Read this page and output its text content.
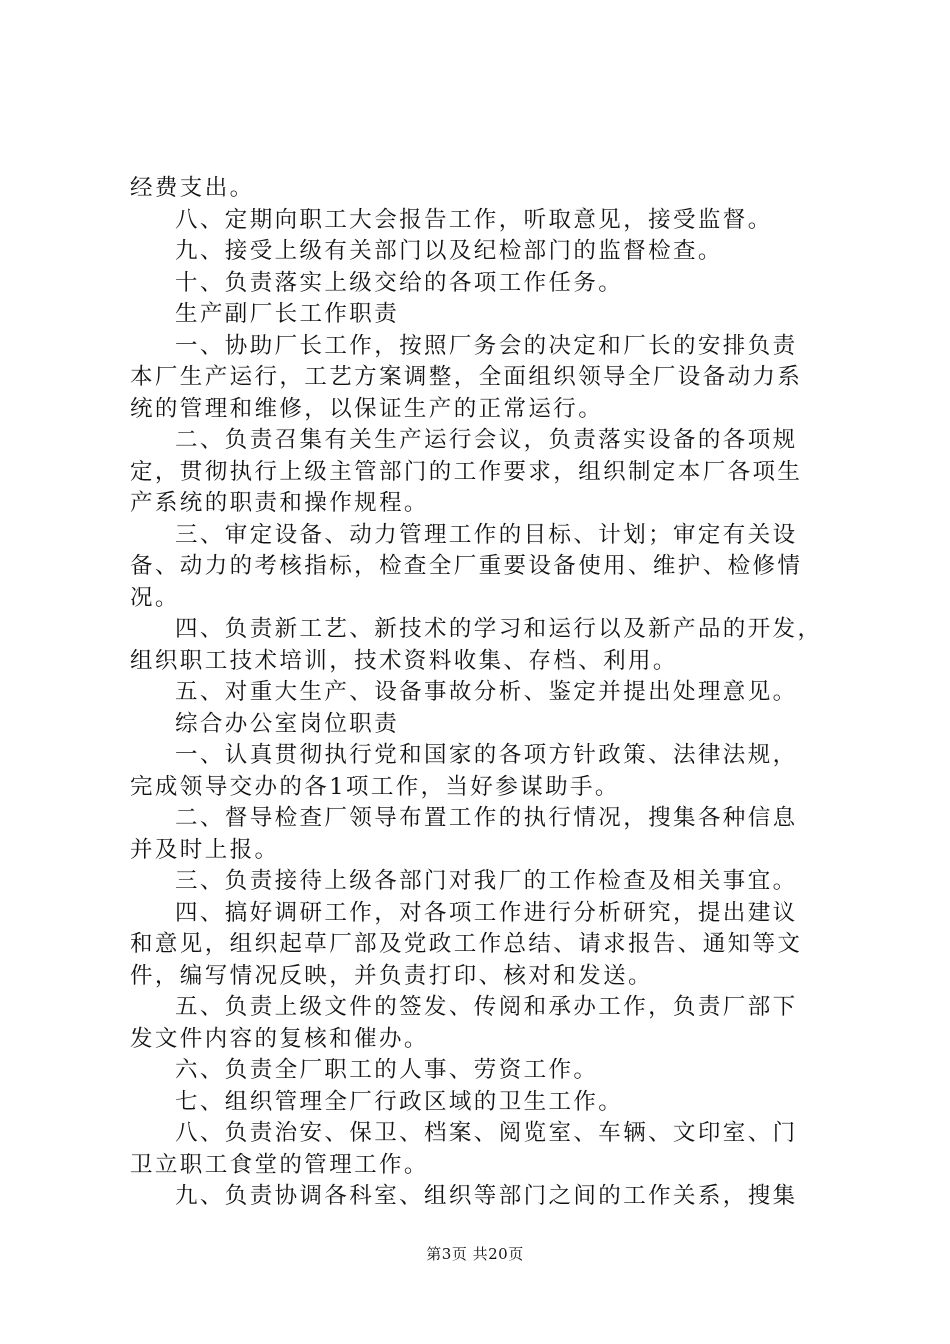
经费支出。
八、定期向职工大会报告工作，听取意见，接受监督。
九、接受上级有关部门以及纪检部门的监督检查。
十、负责落实上级交给的各项工作任务。
生产副厂长工作职责
一、协助厂长工作，按照厂务会的决定和厂长的安排负责
本厂生产运行，工艺方案调整，全面组织领导全厂设备动力系
统的管理和维修，以保证生产的正常运行。
二、负责召集有关生产运行会议，负责落实设备的各项规
定，贯彻执行上级主管部门的工作要求，组织制定本厂各项生
产系统的职责和操作规程。
三、审定设备、动力管理工作的目标、计划；审定有关设
备、动力的考核指标，检查全厂重要设备使用、维护、检修情
况。
四、负责新工艺、新技术的学习和运行以及新产品的开发，
组织职工技术培训，技术资料收集、存档、利用。
五、对重大生产、设备事故分析、鉴定并提出处理意见。
综合办公室岗位职责
一、认真贯彻执行党和国家的各项方针政策、法律法规，
完成领导交办的各1项工作，当好参谋助手。
二、督导检查厂领导布置工作的执行情况，搜集各种信息
并及时上报。
三、负责接待上级各部门对我厂的工作检查及相关事宜。
四、搞好调研工作，对各项工作进行分析研究，提出建议
和意见，组织起草厂部及党政工作总结、请求报告、通知等文
件，编写情况反映，并负责打印、核对和发送。
五、负责上级文件的签发、传阅和承办工作，负责厂部下
发文件内容的复核和催办。
六、负责全厂职工的人事、劳资工作。
七、组织管理全厂行政区域的卫生工作。
八、负责治安、保卫、档案、阅览室、车辆、文印室、门
卫立职工食堂的管理工作。
九、负责协调各科室、组织等部门之间的工作关系，搜集
第3页 共20页
